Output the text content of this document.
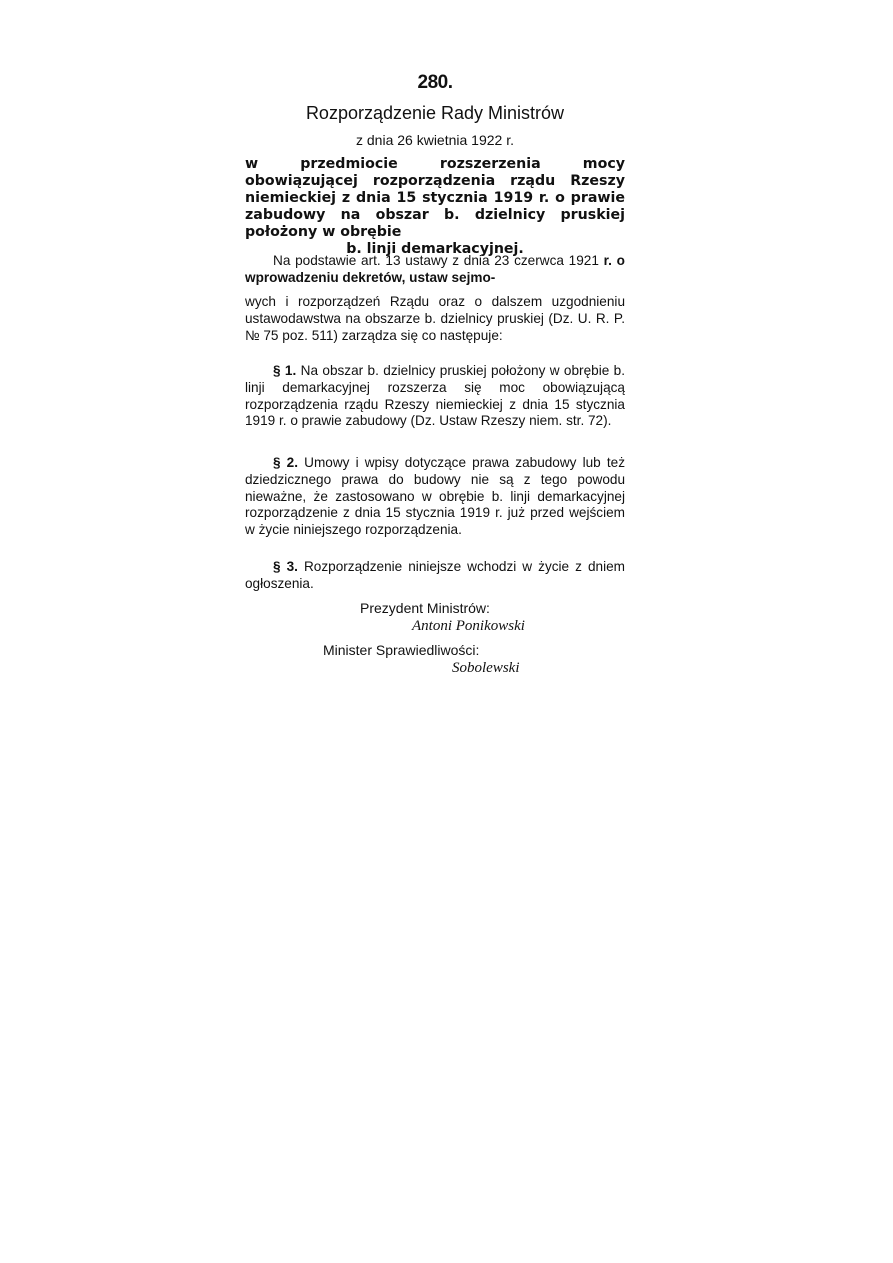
280.
Rozporządzenie Rady Ministrów
z dnia 26 kwietnia 1922 r.
w przedmiocie rozszerzenia mocy obowiązującej rozporządzenia rządu Rzeszy niemieckiej z dnia 15 stycznia 1919 r. o prawie zabudowy na obszar b. dzielnicy pruskiej położony w obrębie
b. linji demarkacyjnej.
Na podstawie art. 13 ustawy z dnia 23 czerwca 1921 r. o wprowadzeniu dekretów, ustaw sejmo-
wych i rozporządzeń Rządu oraz o dalszem uzgodnieniu ustawodawstwa na obszarze b. dzielnicy pruskiej (Dz. U. R. P. № 75 poz. 511) zarządza się co następuje:
§ 1. Na obszar b. dzielnicy pruskiej położony w obrębie b. linji demarkacyjnej rozszerza się moc obowiązującą rozporządzenia rządu Rzeszy niemieckiej z dnia 15 stycznia 1919 r. o prawie zabudowy (Dz. Ustaw Rzeszy niem. str. 72).
§ 2. Umowy i wpisy dotyczące prawa zabudowy lub też dziedzicznego prawa do budowy nie są z tego powodu nieważne, że zastosowano w obrębie b. linji demarkacyjnej rozporządzenie z dnia 15 stycznia 1919 r. już przed wejściem w życie niniejszego rozporządzenia.
§ 3. Rozporządzenie niniejsze wchodzi w życie z dniem ogłoszenia.
Prezydent Ministrów:
Antoni Ponikowski
Minister Sprawiedliwości:
Sobolewski
